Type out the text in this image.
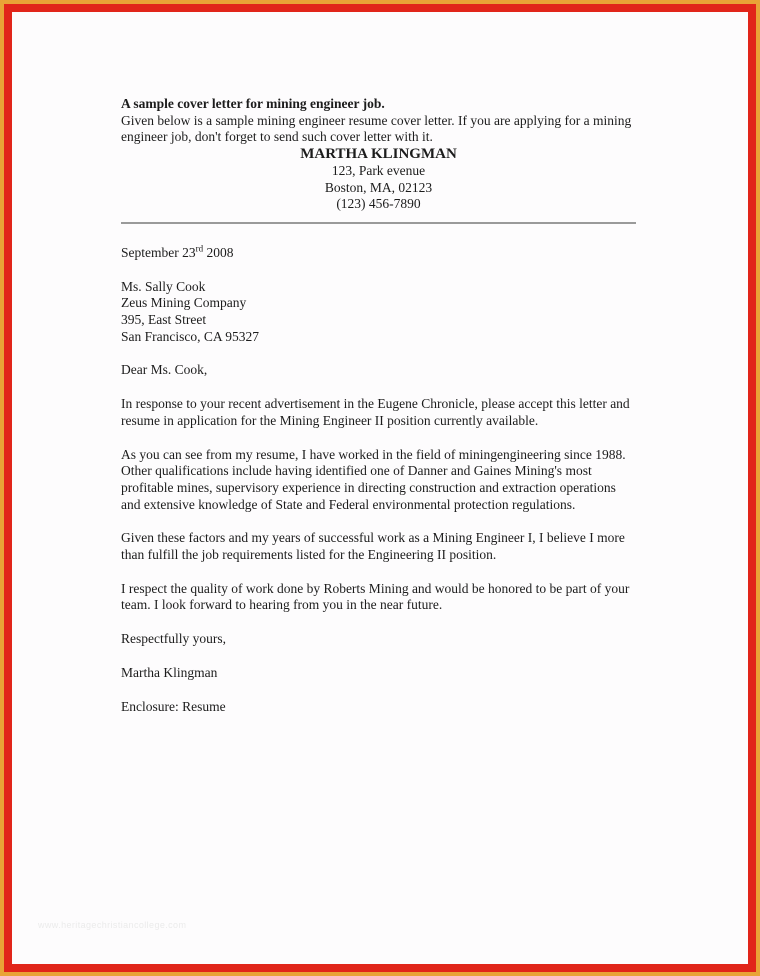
A sample cover letter for mining engineer job.

Given below is a sample mining engineer resume cover letter. If you are applying for a mining engineer job, don't forget to send such cover letter with it.

MARTHA KLINGMAN
123, Park evenue
Boston, MA, 02123
(123) 456-7890

September 23rd 2008

Ms. Sally Cook
Zeus Mining Company
395, East Street
San Francisco, CA 95327

Dear Ms. Cook,

In response to your recent advertisement in the Eugene Chronicle, please accept this letter and resume in application for the Mining Engineer II position currently available.

As you can see from my resume, I have worked in the field of miningengineering since 1988. Other qualifications include having identified one of Danner and Gaines Mining's most profitable mines, supervisory experience in directing construction and extraction operations and extensive knowledge of State and Federal environmental protection regulations.

Given these factors and my years of successful work as a Mining Engineer I, I believe I more than fulfill the job requirements listed for the Engineering II position.

I respect the quality of work done by Roberts Mining and would be honored to be part of your team. I look forward to hearing from you in the near future.

Respectfully yours,

Martha Klingman

Enclosure: Resume

www.heritagechristiancollege.com
